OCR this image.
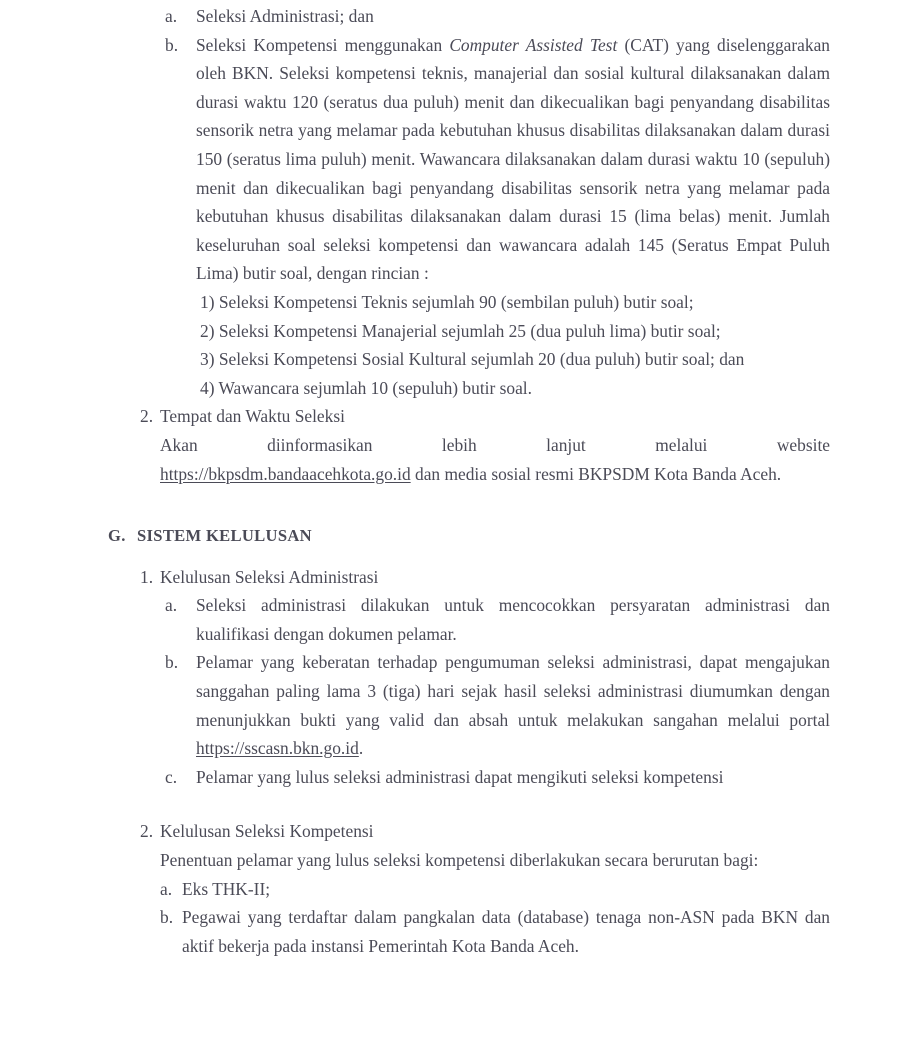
a.	Seleksi Administrasi; dan
b.	Seleksi Kompetensi menggunakan Computer Assisted Test (CAT) yang diselenggarakan oleh BKN. Seleksi kompetensi teknis, manajerial dan sosial kultural dilaksanakan dalam durasi waktu 120 (seratus dua puluh) menit dan dikecualikan bagi penyandang disabilitas sensorik netra yang melamar pada kebutuhan khusus disabilitas dilaksanakan dalam durasi 150 (seratus lima puluh) menit. Wawancara dilaksanakan dalam durasi waktu 10 (sepuluh) menit dan dikecualikan bagi penyandang disabilitas sensorik netra yang melamar pada kebutuhan khusus disabilitas dilaksanakan dalam durasi 15 (lima belas) menit. Jumlah keseluruhan soal seleksi kompetensi dan wawancara adalah 145 (Seratus Empat Puluh Lima) butir soal, dengan rincian :
1) Seleksi Kompetensi Teknis sejumlah 90 (sembilan puluh) butir soal;
2) Seleksi Kompetensi Manajerial sejumlah 25 (dua puluh lima) butir soal;
3) Seleksi Kompetensi Sosial Kultural sejumlah 20 (dua puluh) butir soal; dan
4) Wawancara sejumlah 10 (sepuluh) butir soal.
2. Tempat dan Waktu Seleksi

Akan diinformasikan lebih lanjut melalui website

https://bkpsdm.bandaacehkota.go.id dan media sosial resmi BKPSDM Kota Banda Aceh.

G. SISTEM KELULUSAN
1. Kelulusan Seleksi Administrasi
a.	Seleksi administrasi dilakukan untuk mencocokkan persyaratan administrasi dan kualifikasi dengan dokumen pelamar.
b.	Pelamar yang keberatan terhadap pengumuman seleksi administrasi, dapat mengajukan sanggahan paling lama 3 (tiga) hari sejak hasil seleksi administrasi diumumkan dengan menunjukkan bukti yang valid dan absah untuk melakukan sangahan melalui portal https://sscasn.bkn.go.id.
c.	Pelamar yang lulus seleksi administrasi dapat mengikuti seleksi kompetensi
2. Kelulusan Seleksi Kompetensi

Penentuan pelamar yang lulus seleksi kompetensi diberlakukan secara berurutan bagi:

a. Eks THK-II;
b. Pegawai yang terdaftar dalam pangkalan data (database) tenaga non-ASN pada BKN dan aktif bekerja pada instansi Pemerintah Kota Banda Aceh.
